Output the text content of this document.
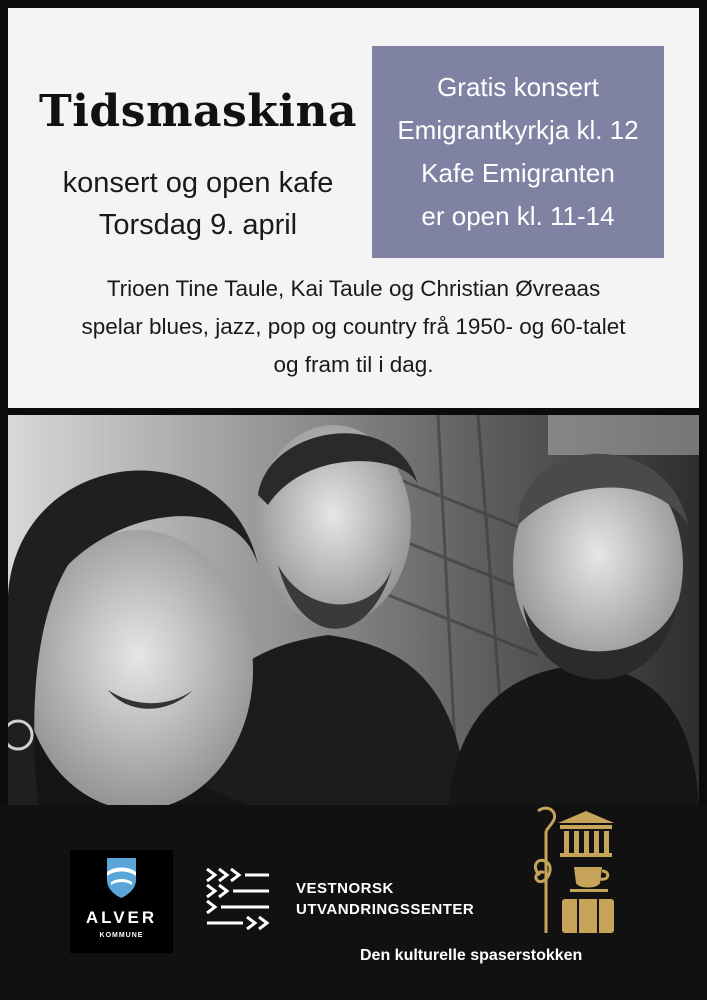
Tidsmaskina
konsert og open kafe
Torsdag 9. april
Gratis konsert
Emigrantkyrkja kl. 12
Kafe Emigranten
er open kl. 11-14
Trioen Tine Taule, Kai Taule og Christian Øvreaas
spelar blues, jazz, pop og country frå 1950- og 60-talet
og fram til i dag.
ALVER
KOMMUNE
VESTNORSK
UTVANDRINGSSENTER
Den kulturelle spaserstokken
